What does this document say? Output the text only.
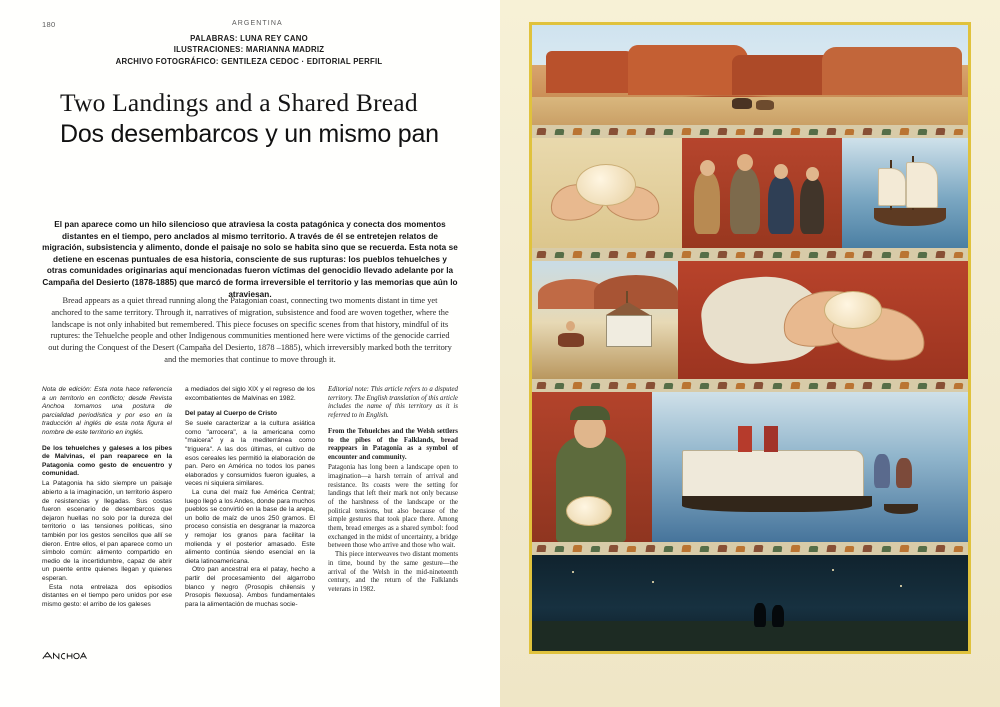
180	ARGENTINA
PALABRAS: LUNA REY CANO
ILUSTRACIONES: MARIANNA MADRIZ
ARCHIVO FOTOGRÁFICO: GENTILEZA CEDOC · EDITORIAL PERFIL
Two Landings and a Shared Bread
Dos desembarcos y un mismo pan
El pan aparece como un hilo silencioso que atraviesa la costa patagónica y conecta dos momentos distantes en el tiempo, pero anclados al mismo territorio. A través de él se entretejen relatos de migración, subsistencia y alimento, donde el paisaje no solo se habita sino que se recuerda. Esta nota se detiene en escenas puntuales de esa historia, consciente de sus rupturas: los pueblos tehuelches y otras comunidades originarias aquí mencionadas fueron víctimas del genocidio llevado adelante por la Campaña del Desierto (1878-1885) que marcó de forma irreversible el territorio y las memorias que aún lo atraviesan.
Bread appears as a quiet thread running along the Patagonian coast, connecting two moments distant in time yet anchored to the same territory. Through it, narratives of migration, subsistence and food are woven together, where the landscape is not only inhabited but remembered. This piece focuses on specific scenes from that history, mindful of its ruptures: the Tehuelche people and other Indigenous communities mentioned here were victims of the genocide carried out during the Conquest of the Desert (Campaña del Desierto, 1878 –1885), which irreversibly marked both the territory and the memories that continue to move through it.

Nota de edición: Esta nota hace referencia a un territorio en conflicto; desde Revista Anchoa tomamos una postura de parcialidad periodística y por eso en la traducción al inglés de esta nota figura el nombre de este territorio en inglés.

De los tehuelches y galeses a los pibes de Malvinas, el pan reaparece en la Patagonia como gesto de encuentro y comunidad.

La Patagonia ha sido siempre un paisaje abierto a la imaginación, un territorio áspero de resistencias y llegadas. Sus costas fueron escenario de desembarcos que dejaron huellas no solo por la dureza del territorio o las tensiones políticas, sino también por los gestos sencillos que allí se dieron. Entre ellos, el pan aparece como un símbolo común: alimento compartido en medio de la incertidumbre, capaz de abrir un puente entre quienes llegan y quienes esperan.

Esta nota entrelaza dos episodios distantes en el tiempo pero unidos por ese mismo gesto: el arribo de los galeses

a mediados del siglo XIX y el regreso de los excombatientes de Malvinas en 1982.

Del patay al Cuerpo de Cristo

Se suele caracterizar a la cultura asiática como "arrocera", a la americana como "maicera" y a la mediterránea como "triguera". A las dos últimas, el cultivo de esos cereales les permitió la elaboración de pan. Pero en América no todos los panes elaborados y consumidos fueron iguales, a veces ni siquiera similares.

La cuna del maíz fue América Central; luego llegó a los Andes, donde para muchos pueblos se convirtió en la base de la arepa, un bollo de maíz de unos 250 gramos. El proceso consistía en desgranar la mazorca y remojar los granos para facilitar la molienda y el posterior amasado. Este alimento continúa siendo esencial en la dieta latinoamericana.

Otro pan ancestral era el patay, hecho a partir del procesamiento del algarrobo blanco y negro (Prosopis chilensis y Prosopis flexuosa). Ambos fundamentales para la alimentación de muchas socie-

Editorial note: This article refers to a disputed territory. The English translation of this article includes the name of this territory as it is referred to in English.

From the Tehuelches and the Welsh settlers to the pibes of the Falklands, bread reappears in Patagonia as a symbol of encounter and community.

Patagonia has long been a landscape open to imagination—a harsh terrain of arrival and resistance. Its coasts were the setting for landings that left their mark not only because of the harshness of the landscape or the political tensions, but also because of the simple gestures that took place there. Among them, bread emerges as a shared symbol: food exchanged in the midst of uncertainty, a bridge between those who arrive and those who wait.

This piece interweaves two distant moments in time, bound by the same gesture—the arrival of the Welsh in the mid-nineteenth century, and the return of the Falklands veterans in 1982.
